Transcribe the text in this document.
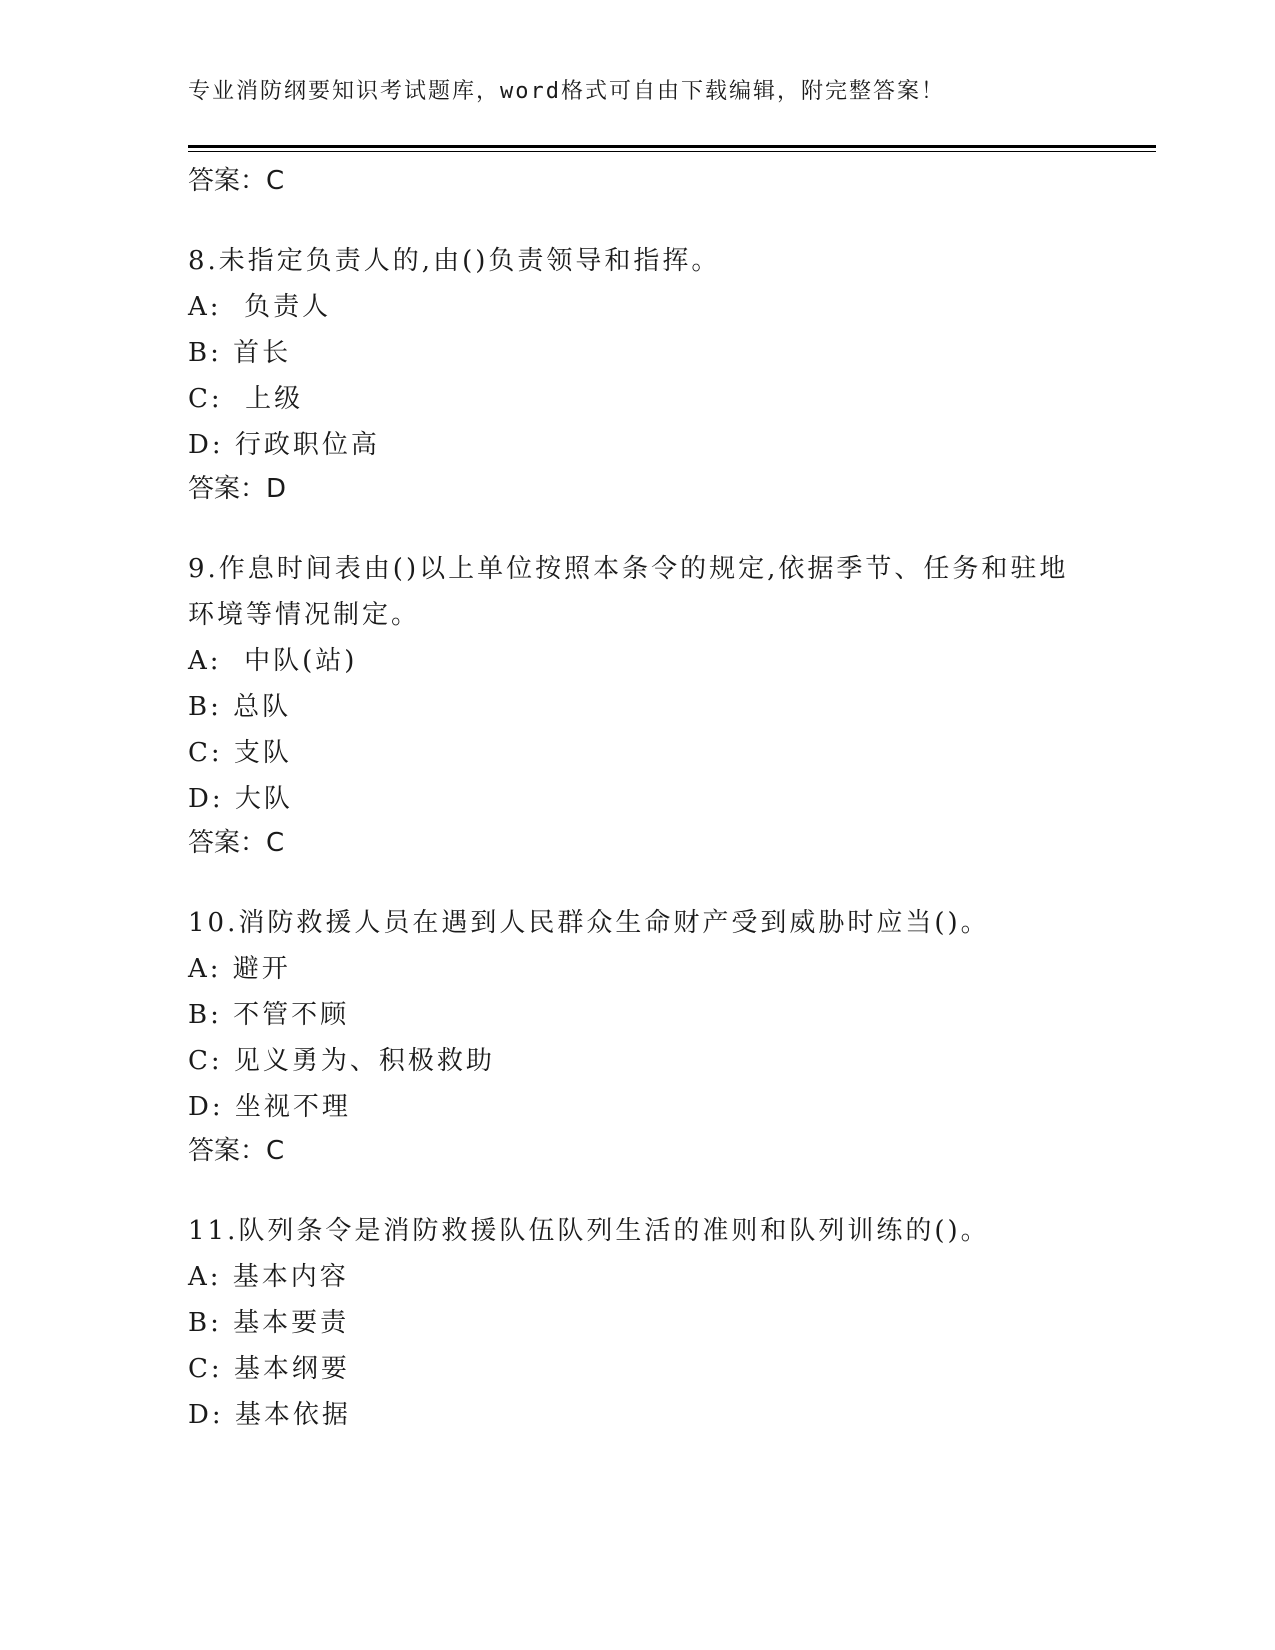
专业消防纲要知识考试题库，word格式可自由下载编辑，附完整答案！
答案：C

8.未指定负责人的,由()负责领导和指挥。

A:  负责人
B: 首长
C:  上级
D: 行政职位高
答案：D

9.作息时间表由()以上单位按照本条令的规定,依据季节、任务和驻地环境等情况制定。

A:  中队(站)
B: 总队
C: 支队
D: 大队
答案：C

10.消防救援人员在遇到人民群众生命财产受到威胁时应当()。

A: 避开
B: 不管不顾
C: 见义勇为、积极救助
D: 坐视不理
答案：C

11.队列条令是消防救援队伍队列生活的准则和队列训练的()。

A: 基本内容
B: 基本要责
C: 基本纲要
D: 基本依据
